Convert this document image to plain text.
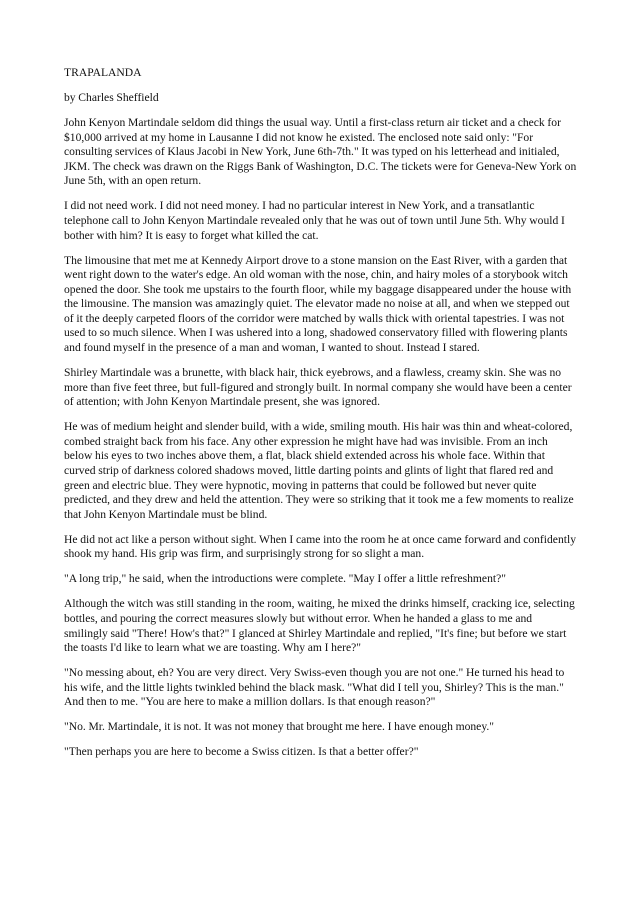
TRAPALANDA

by Charles Sheffield

John Kenyon Martindale seldom did things the usual way. Until a first-class return air ticket and a check for $10,000 arrived at my home in Lausanne I did not know he existed. The enclosed note said only: "For consulting services of Klaus Jacobi in New York, June 6th-7th." It was typed on his letterhead and initialed, JKM. The check was drawn on the Riggs Bank of Washington, D.C. The tickets were for Geneva-New York on June 5th, with an open return.

I did not need work. I did not need money. I had no particular interest in New York, and a transatlantic telephone call to John Kenyon Martindale revealed only that he was out of town until June 5th. Why would I bother with him? It is easy to forget what killed the cat.

The limousine that met me at Kennedy Airport drove to a stone mansion on the East River, with a garden that went right down to the water's edge. An old woman with the nose, chin, and hairy moles of a storybook witch opened the door. She took me upstairs to the fourth floor, while my baggage disappeared under the house with the limousine. The mansion was amazingly quiet. The elevator made no noise at all, and when we stepped out of it the deeply carpeted floors of the corridor were matched by walls thick with oriental tapestries. I was not used to so much silence. When I was ushered into a long, shadowed conservatory filled with flowering plants and found myself in the presence of a man and woman, I wanted to shout. Instead I stared.

Shirley Martindale was a brunette, with black hair, thick eyebrows, and a flawless, creamy skin. She was no more than five feet three, but full-figured and strongly built. In normal company she would have been a center of attention; with John Kenyon Martindale present, she was ignored.

He was of medium height and slender build, with a wide, smiling mouth. His hair was thin and wheat-colored, combed straight back from his face. Any other expression he might have had was invisible. From an inch below his eyes to two inches above them, a flat, black shield extended across his whole face. Within that curved strip of darkness colored shadows moved, little darting points and glints of light that flared red and green and electric blue. They were hypnotic, moving in patterns that could be followed but never quite predicted, and they drew and held the attention. They were so striking that it took me a few moments to realize that John Kenyon Martindale must be blind.

He did not act like a person without sight. When I came into the room he at once came forward and confidently shook my hand. His grip was firm, and surprisingly strong for so slight a man.

"A long trip," he said, when the introductions were complete. "May I offer a little refreshment?"

Although the witch was still standing in the room, waiting, he mixed the drinks himself, cracking ice, selecting bottles, and pouring the correct measures slowly but without error. When he handed a glass to me and smilingly said "There! How's that?" I glanced at Shirley Martindale and replied, "It's fine; but before we start the toasts I'd like to learn what we are toasting. Why am I here?"

"No messing about, eh? You are very direct. Very Swiss-even though you are not one." He turned his head to his wife, and the little lights twinkled behind the black mask. "What did I tell you, Shirley? This is the man." And then to me. "You are here to make a million dollars. Is that enough reason?"

"No. Mr. Martindale, it is not. It was not money that brought me here. I have enough money."

"Then perhaps you are here to become a Swiss citizen. Is that a better offer?"
